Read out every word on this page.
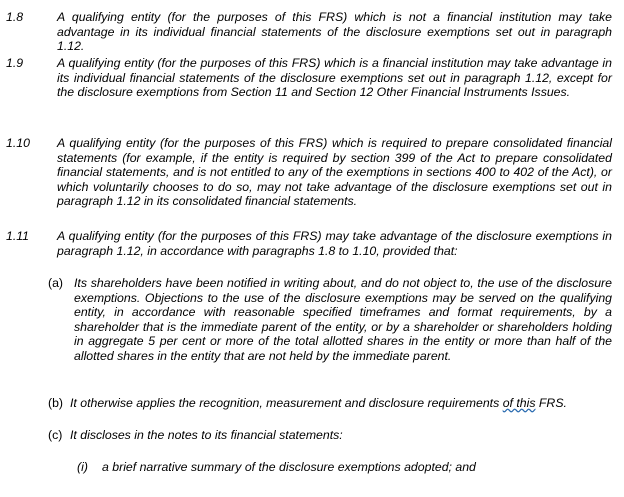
1.8	A qualifying entity (for the purposes of this FRS) which is not a financial institution may take advantage in its individual financial statements of the disclosure exemptions set out in paragraph 1.12.
1.9	A qualifying entity (for the purposes of this FRS) which is a financial institution may take advantage in its individual financial statements of the disclosure exemptions set out in paragraph 1.12, except for the disclosure exemptions from Section 11 and Section 12 Other Financial Instruments Issues.
1.10 A qualifying entity (for the purposes of this FRS) which is required to prepare consolidated financial statements (for example, if the entity is required by section 399 of the Act to prepare consolidated financial statements, and is not entitled to any of the exemptions in sections 400 to 402 of the Act), or which voluntarily chooses to do so, may not take advantage of the disclosure exemptions set out in paragraph 1.12 in its consolidated financial statements.
1.11 A qualifying entity (for the purposes of this FRS) may take advantage of the disclosure exemptions in paragraph 1.12, in accordance with paragraphs 1.8 to 1.10, provided that:
(a) Its shareholders have been notified in writing about, and do not object to, the use of the disclosure exemptions. Objections to the use of the disclosure exemptions may be served on the qualifying entity, in accordance with reasonable specified timeframes and format requirements, by a shareholder that is the immediate parent of the entity, or by a shareholder or shareholders holding in aggregate 5 per cent or more of the total allotted shares in the entity or more than half of the allotted shares in the entity that are not held by the immediate parent.
(b) It otherwise applies the recognition, measurement and disclosure requirements of this FRS.
(c) It discloses in the notes to its financial statements:
(i) a brief narrative summary of the disclosure exemptions adopted; and
